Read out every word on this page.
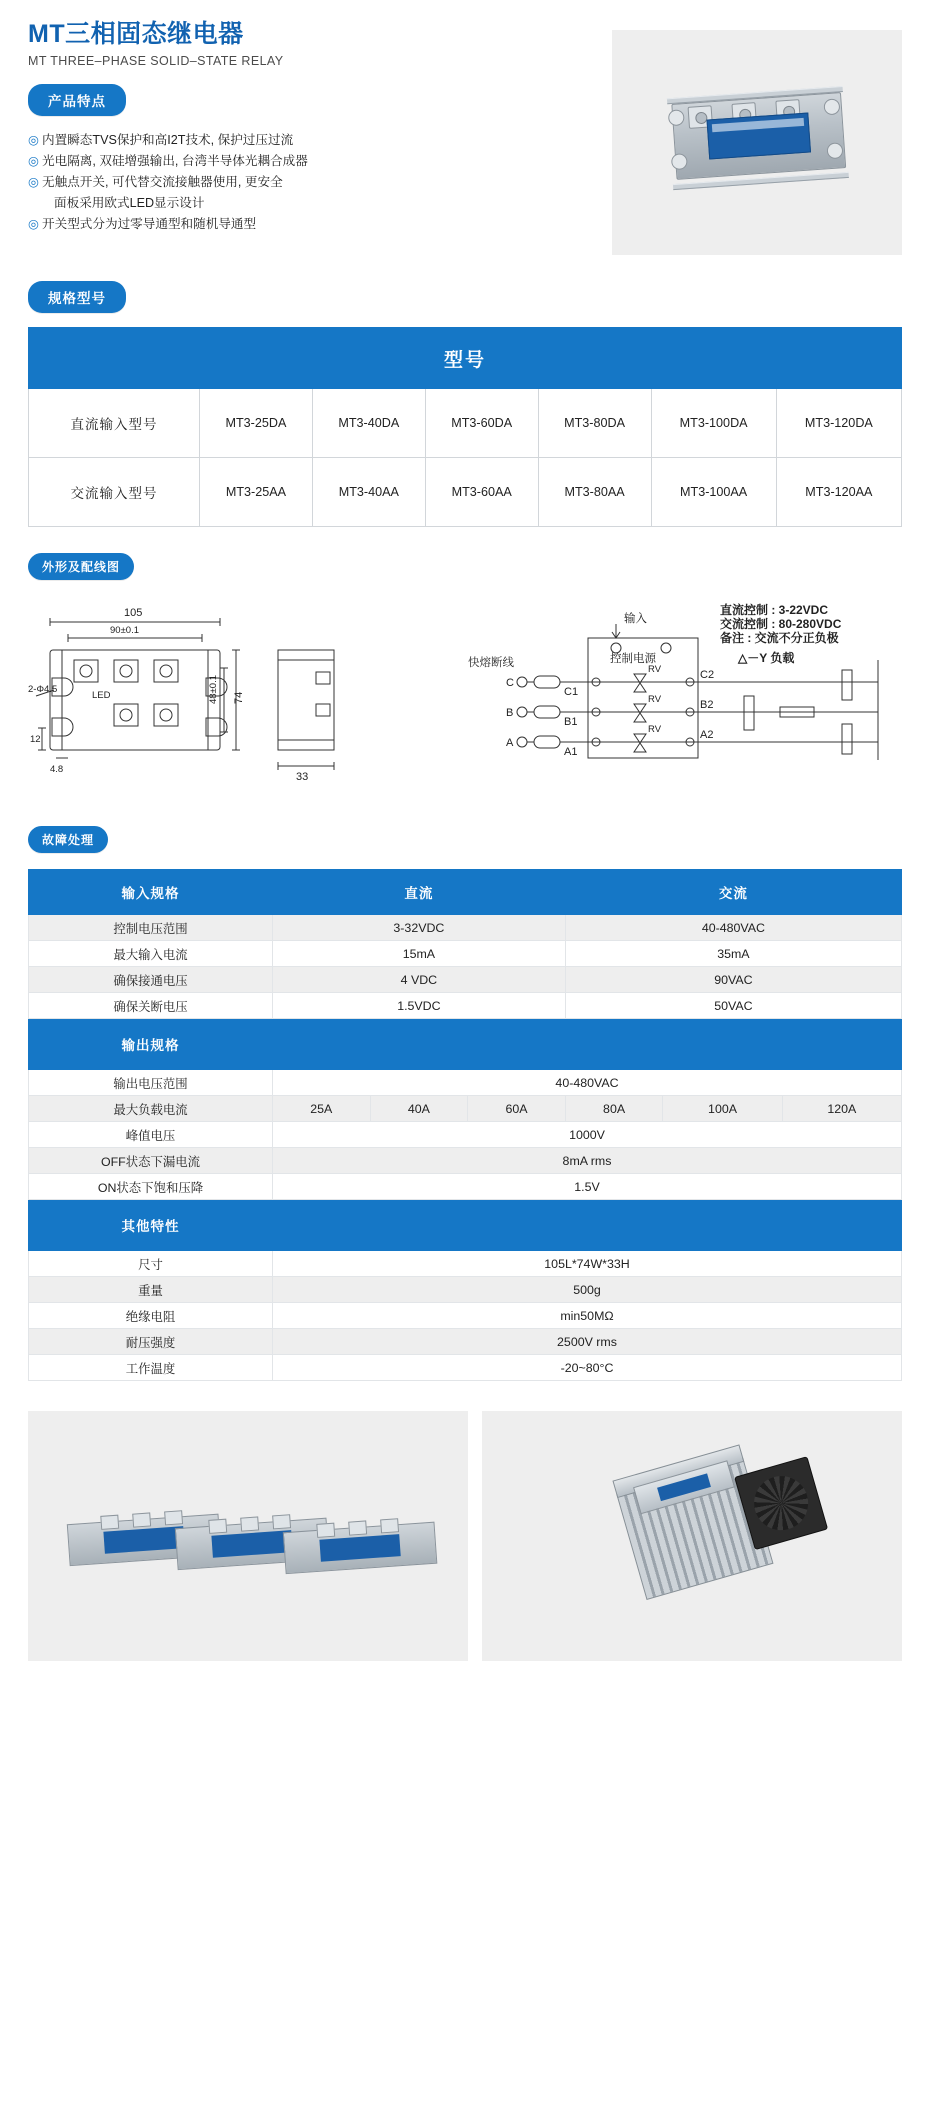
MT三相固态继电器
MT THREE–PHASE SOLID–STATE RELAY
产品特点
◎ 内置瞬态TVS保护和高I2T技术, 保护过压过流
◎ 光电隔离, 双硅增强输出, 台湾半导体光耦合成器
◎ 无触点开关, 可代替交流接触器使用, 更安全
面板采用欧式LED显示设计
◎ 开关型式分为过零导通型和随机导通型
规格型号
型号						
直流输入型号	MT3-25DA	MT3-40DA	MT3-60DA	MT3-80DA	MT3-100DA	MT3-120DA
交流输入型号	MT3-25AA	MT3-40AA	MT3-60AA	MT3-80AA	MT3-100AA	MT3-120AA
外形及配线图
105
90±0.1
74
48±0.1
33
2-Φ4.5
12
4.8
LED
直流控制 : 3-22VDC
交流控制 : 80-280VDC
备注 : 交流不分正负极
输入
快熔断线	控制电源	△－Y 负载
C
B
A
C1
B1
A1
C2
B2
A2
RV
RV
RV
故障处理
输入规格	直流			交流		
控制电压范围	3-32VDC			40-480VAC		
最大输入电流	15mA			35mA		
确保接通电压	4 VDC			90VAC		
确保关断电压	1.5VDC			50VAC		
输出规格						
输出电压范围	40-480VAC					
最大负载电流	25A	40A	60A	80A	100A	120A
峰值电压	1000V					
OFF状态下漏电流	8mA rms					
ON状态下饱和压降	1.5V					
其他特性						
尺寸	105L*74W*33H					
重量	500g					
绝缘电阻	min50MΩ					
耐压强度	2500V rms					
工作温度	-20~80°C					
